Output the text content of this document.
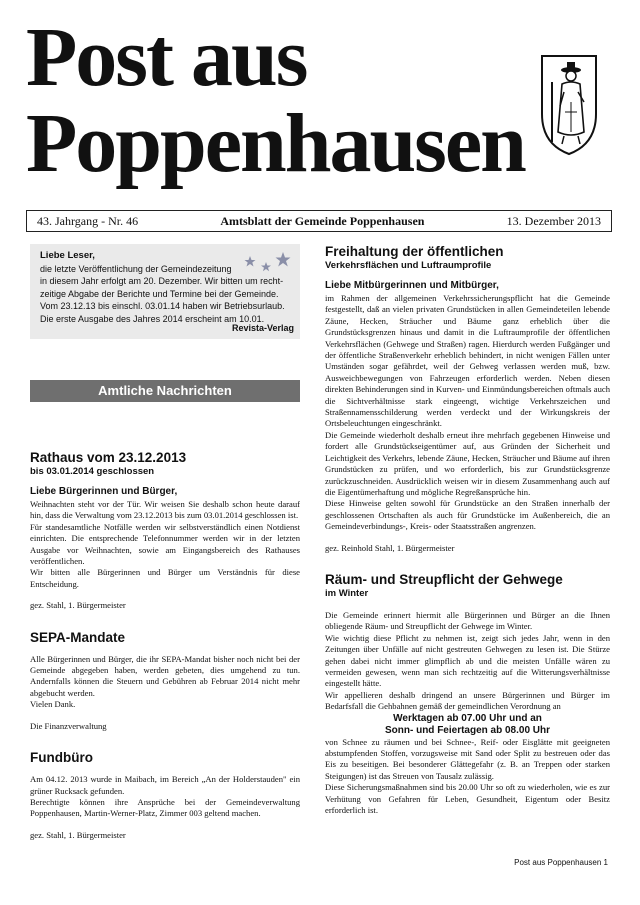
Post aus
Poppenhausen
43. Jahrgang - Nr. 46	Amtsblatt der Gemeinde Poppenhausen	13. Dezember 2013
Liebe Leser,
die letzte Veröffentlichung der Gemeindezeitung
in diesem Jahr erfolgt am 20. Dezember. Wir bitten um recht-
zeitige Abgabe der Berichte und Termine bei der Gemeinde.
Vom 23.12.13 bis einschl. 03.01.14 haben wir Betriebsurlaub.
Die erste Ausgabe des Jahres 2014 erscheint am 10.01.
Revista-Verlag
Amtliche Nachrichten
Rathaus vom 23.12.2013
bis 03.01.2014 geschlossen
Liebe Bürgerinnen und Bürger,

Weihnachten steht vor der Tür. Wir weisen Sie deshalb schon heute darauf hin, dass die Verwaltung vom 23.12.2013 bis zum 03.01.2014 geschlossen ist.

Für standesamtliche Notfälle werden wir selbstverständlich einen Notdienst einrichten. Die entsprechende Telefonnummer werden wir in der letzten Ausgabe vor Weihnachten, sowie am Eingangsbereich des Rathauses veröffentlichen.

Wir bitten alle Bürgerinnen und Bürger um Verständnis für diese Entscheidung.

gez. Stahl, 1. Bürgermeister

SEPA-Mandate

Alle Bürgerinnen und Bürger, die ihr SEPA-Mandat bisher noch nicht bei der Gemeinde abgegeben haben, werden gebeten, dies umgehend zu tun. Andernfalls können die Steuern und Gebühren ab Februar 2014 nicht mehr abgebucht werden.

Vielen Dank.

Die Finanzverwaltung

Fundbüro

Am 04.12. 2013 wurde in Maibach, im Bereich „An der Holderstauden" ein grüner Rucksack gefunden.

Berechtigte können ihre Ansprüche bei der Gemeindeverwaltung Poppenhausen, Martin-Werner-Platz, Zimmer 003 geltend machen.

gez. Stahl, 1. Bürgermeister

Freihaltung der öffentlichen
Verkehrsflächen und Luftraumprofile
Liebe Mitbürgerinnen und Mitbürger,

im Rahmen der allgemeinen Verkehrssicherungspflicht hat die Gemeinde festgestellt, daß an vielen privaten Grundstücken in allen Gemeindeteilen lebende Zäune, Hecken, Sträucher und Bäume ganz erheblich über die Grundstücksgrenzen hinaus und damit in die Luftraumprofile der öffentlichen Verkehrsflächen (Gehwege und Straßen) ragen. Hierdurch werden Fußgänger und der öffentliche Straßenverkehr erheblich behindert, in nicht wenigen Fällen unter Umständen sogar gefährdet, weil der Gehweg verlassen werden muß, bzw. Ausweichbewegungen von Fahrzeugen erforderlich werden. Neben diesen direkten Behinderungen sind in Kurven- und Einmündungsbereichen oftmals auch die Sichtverhältnisse stark eingeengt, wichtige Verkehrszeichen und Straßennamensschilderung werden verdeckt und der Wirkungskreis der Ortsbeleuchtungen eingeschränkt.

Die Gemeinde wiederholt deshalb erneut ihre mehrfach gegebenen Hinweise und fordert alle Grundstückseigentümer auf, aus Gründen der Sicherheit und Leichtigkeit des Verkehrs, lebende Zäune, Hecken, Sträucher und Bäume auf ihren Grundstücken zu prüfen, und wo erforderlich, bis zur Grundstücksgrenze zurückzuschneiden. Ausdrücklich weisen wir in diesem Zusammenhang auch auf die Eigentümerhaftung und mögliche Regreßansprüche hin.

Diese Hinweise gelten sowohl für Grundstücke an den Straßen innerhalb der geschlossenen Ortschaften als auch für Grundstücke im Außenbereich, die an Gemeindeverbindungs-, Kreis- oder Staatsstraßen angrenzen.

gez. Reinhold Stahl, 1. Bürgermeister

Räum- und Streupflicht der Gehwege
im Winter

Die Gemeinde erinnert hiermit alle Bürgerinnen und Bürger an die Ihnen obliegende Räum- und Streupflicht der Gehwege im Winter.

Wie wichtig diese Pflicht zu nehmen ist, zeigt sich jedes Jahr, wenn in den Zeitungen über Unfälle auf nicht gestreuten Gehwegen zu lesen ist. Die Stürze gehen dabei nicht immer glimpflich ab und die meisten Unfälle wären zu vermeiden gewesen, wenn man sich rechtzeitig auf die Witterungsverhältnisse eingestellt hätte.

Wir appellieren deshalb dringend an unsere Bürgerinnen und Bürger im Bedarfsfall die Gehbahnen gemäß der gemeindlichen Verordnung an

Werktagen ab 07.00 Uhr und an
Sonn- und Feiertagen ab 08.00 Uhr

von Schnee zu räumen und bei Schnee-, Reif- oder Eisglätte mit geeigneten abstumpfenden Stoffen, vorzugsweise mit Sand oder Split zu bestreuen oder das Eis zu beseitigen. Bei besonderer Glättegefahr (z. B. an Treppen oder starken Steigungen) ist das Streuen von Tausalz zulässig.

Diese Sicherungsmaßnahmen sind bis 20.00 Uhr so oft zu wiederholen, wie es zur Verhütung von Gefahren für Leben, Gesundheit, Eigentum oder Besitz erforderlich ist.

Post aus Poppenhausen 1
